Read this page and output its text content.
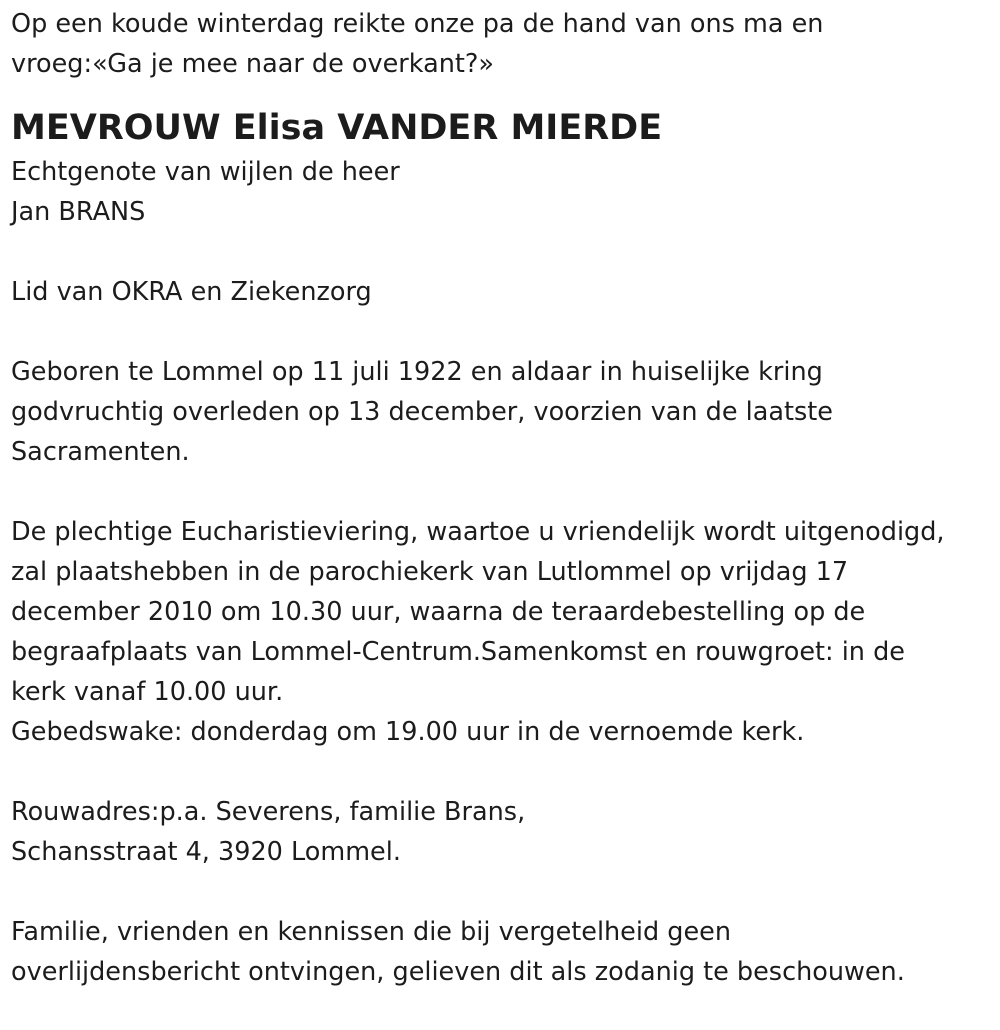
Op een koude winterdag reikte onze pa de hand van ons ma en
vroeg:«Ga je mee naar de overkant?»
MEVROUW Elisa VANDER MIERDE
Echtgenote van wijlen de heer
Jan BRANS
Lid van OKRA en Ziekenzorg
Geboren te Lommel op 11 juli 1922 en aldaar in huiselijke kring
godvruchtig overleden op 13 december, voorzien van de laatste
Sacramenten.
De plechtige Eucharistieviering, waartoe u vriendelijk wordt uitgenodigd,
zal plaatshebben in de parochiekerk van Lutlommel op vrijdag 17
december 2010 om 10.30 uur, waarna de teraardebestelling op de
begraafplaats van Lommel-Centrum.Samenkomst en rouwgroet: in de
kerk vanaf 10.00 uur.
Gebedswake: donderdag om 19.00 uur in de vernoemde kerk.
Rouwadres:p.a. Severens, familie Brans,
Schansstraat 4, 3920 Lommel.
Familie, vrienden en kennissen die bij vergetelheid geen
overlijdensbericht ontvingen, gelieven dit als zodanig te beschouwen.
